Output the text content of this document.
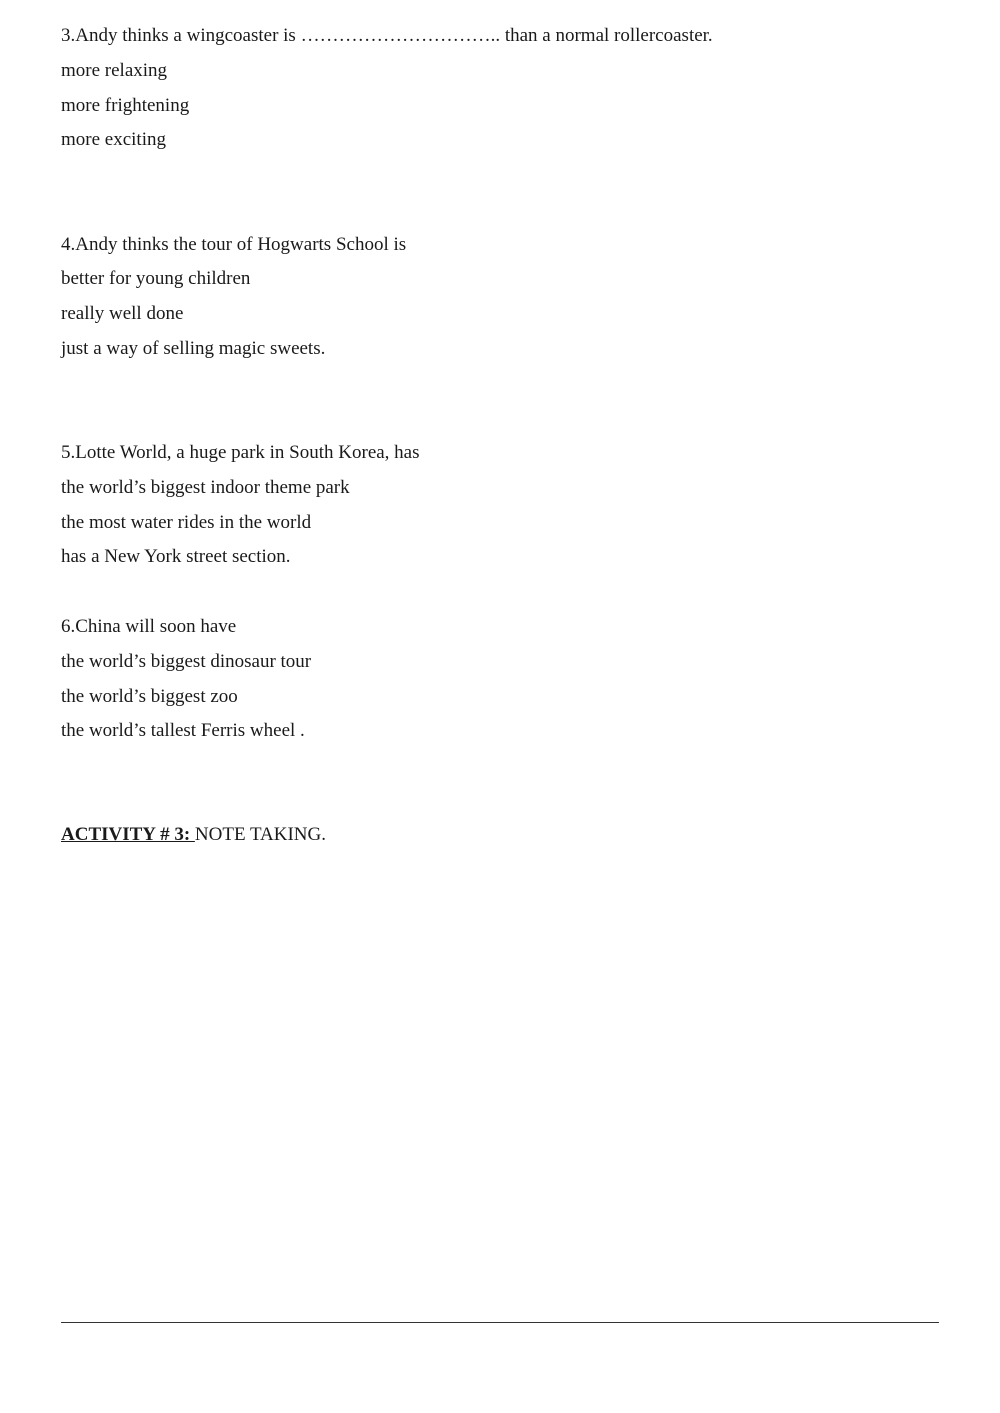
3.Andy thinks a wingcoaster is ………………………….. than a normal rollercoaster.
more relaxing
more frightening
more exciting
4.Andy thinks the tour of Hogwarts School is
better for young children
really well done
just a way of selling magic sweets.
5.Lotte World, a huge park in South Korea, has
the world’s biggest indoor theme park
the most water rides in the world
has a New York street section.
6.China will soon have
the world’s biggest dinosaur tour
the world’s biggest zoo
the world’s tallest Ferris wheel .
ACTIVITY # 3: NOTE TAKING.
